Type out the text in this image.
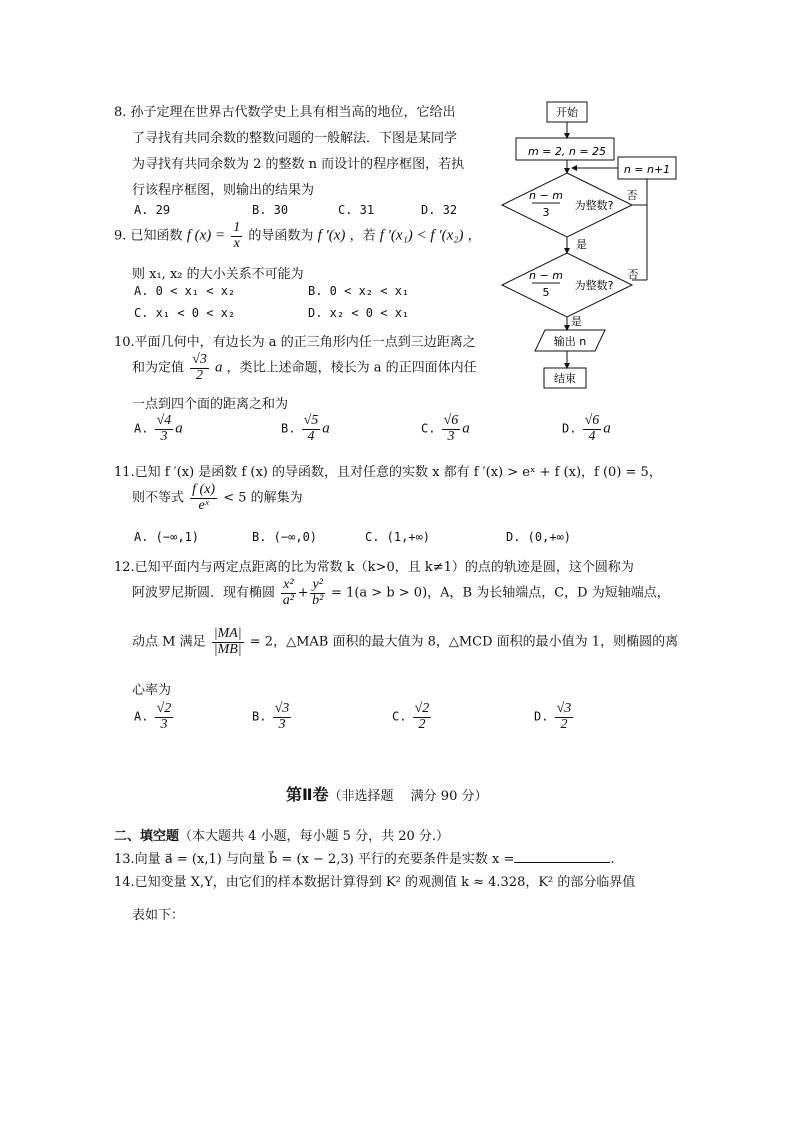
8. 孙子定理在世界古代数学史上具有相当高的地位，它给出
了寻找有共同余数的整数问题的一般解法．下图是某同学
为寻找有共同余数为 2 的整数 n 而设计的程序框图，若执
行该程序框图，则输出的结果为
A. 29	B. 30	C. 31	D. 32
开始
m = 2, n = 25
n = n+1
n − m
3
为整数?
否
是
n − m
5
为整数?
否
是
输出 n
结束
9. 已知函数 f $(x) = \frac{1}{x}$ 的导函数为 f ′(x) ，若 f ′(x₁) < f ′(x₂) ，
则 x₁, x₂ 的大小关系不可能为
A. 0 < x₁ < x₂	B. 0 < x₂ < x₁
C. x₁ < 0 < x₂	D. x₂ < 0 < x₁
10.平面几何中，有边长为 a 的正三角形内任一点到三边距离之
和为定值 $\frac{√3}{2}$ a ，类比上述命题，棱长为 a 的正四面体内任
一点到四个面的距离之和为
A. $\frac{√4}{3}$ a	B. $\frac{√5}{4}$ a	C. $\frac{√6}{3}$ a	D. $\frac{√6}{4}$ a
11.已知 f ′(x) 是函数 f (x) 的导函数，且对任意的实数 x 都有 f ′(x) > eˣ + f (x)，f (0) = 5，
则不等式 $\frac{f (x)}{\text{eˣ}} < 5$ 的解集为
A. (−∞,1)	B. (−∞,0)	C. (1,+∞)	D. (0,+∞)
12.已知平面内与两定点距离的比为常数 k（k>0，且 k≠1）的点的轨迹是圆，这个圆称为
阿波罗尼斯圆．现有椭圆 $\frac{\text{x²}}{\text{a²}} + \frac{\text{y²}}{\text{b²}} = 1(a > b > 0)$，A，B 为长轴端点，C，D 为短轴端点，
动点 M 满足 $\frac{|MA|}{|MB|} = 2$，△MAB 面积的最大值为 8，△MCD 面积的最小值为 1，则椭圆的离
心率为
A. $\frac{√2}{3}$	B. $\frac{√3}{3}$	C. $\frac{√2}{2}$	D. $\frac{√3}{2}$
第Ⅱ卷（非选择题　 满分 90 分）
二、填空题（本大题共 4 小题，每小题 5 分，共 20 分.）
13.向量 a⃗ = (x,1) 与向量 b⃗ = (x − 2,3) 平行的充要条件是实数 x =	.
14.已知变量 X,Y，由它们的样本数据计算得到 K² 的观测值 k ≈ 4.328，K² 的部分临界值
表如下：
